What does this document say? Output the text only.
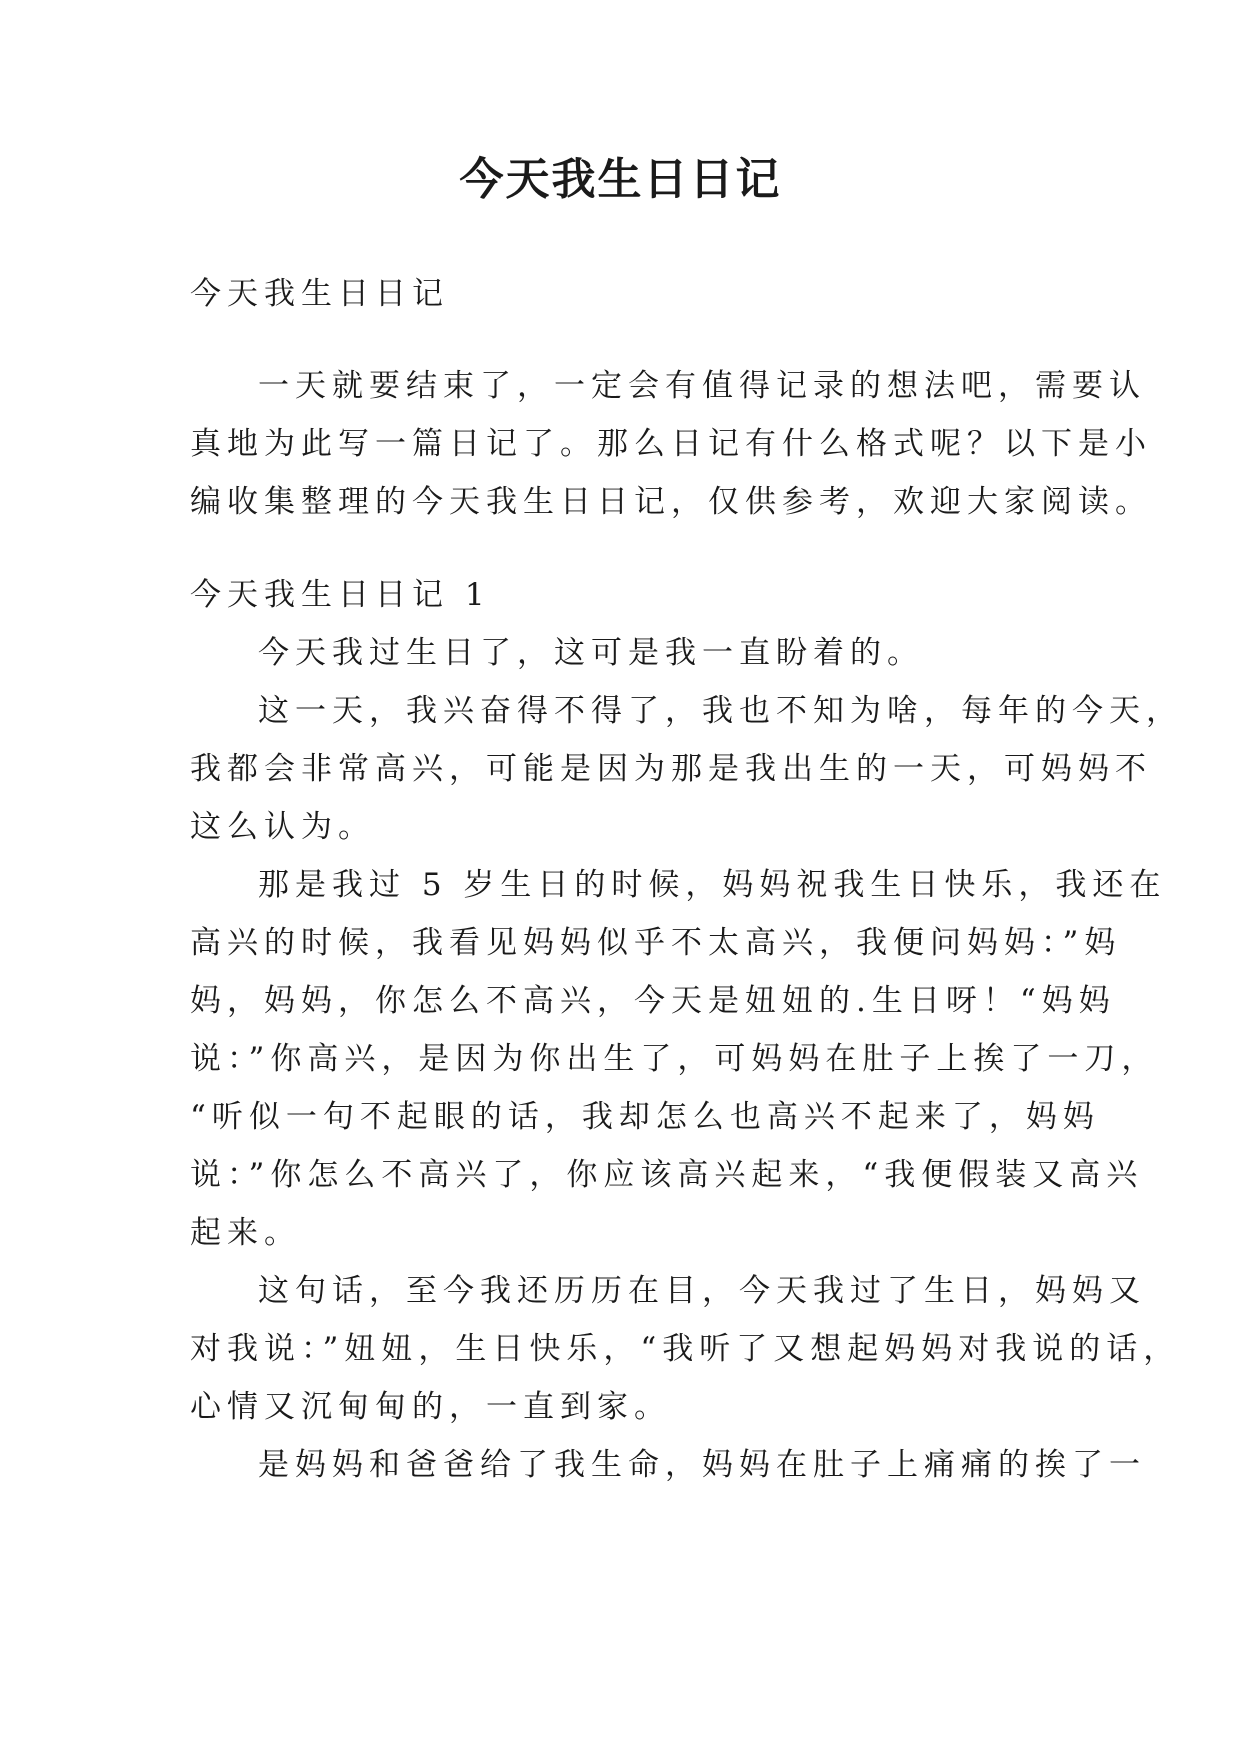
今天我生日日记
今天我生日日记
一天就要结束了，一定会有值得记录的想法吧，需要认
真地为此写一篇日记了。那么日记有什么格式呢？以下是小
编收集整理的今天我生日日记，仅供参考，欢迎大家阅读。
今天我生日日记 1
今天我过生日了，这可是我一直盼着的。
这一天，我兴奋得不得了，我也不知为啥，每年的今天，
我都会非常高兴，可能是因为那是我出生的一天，可妈妈不
这么认为。
那是我过 5 岁生日的时候，妈妈祝我生日快乐，我还在
高兴的时候，我看见妈妈似乎不太高兴，我便问妈妈：”妈
妈，妈妈，你怎么不高兴，今天是妞妞的.生日呀！“妈妈
说：”你高兴，是因为你出生了，可妈妈在肚子上挨了一刀，
“听似一句不起眼的话，我却怎么也高兴不起来了，妈妈
说：”你怎么不高兴了，你应该高兴起来，“我便假装又高兴
起来。
这句话，至今我还历历在目，今天我过了生日，妈妈又
对我说：”妞妞，生日快乐，“我听了又想起妈妈对我说的话，
心情又沉甸甸的，一直到家。
是妈妈和爸爸给了我生命，妈妈在肚子上痛痛的挨了一
